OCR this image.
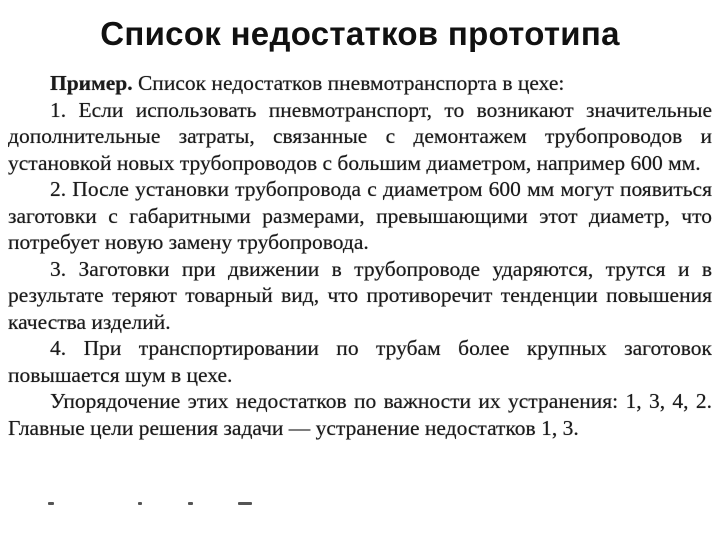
Список недостатков прототипа

Пример. Список недостатков пневмотранспорта в цехе:

1. Если использовать пневмотранспорт, то возникают значительные дополнительные затраты, связанные с демонтажем трубопроводов и установкой новых трубопроводов с большим диаметром, например 600 мм.

2. После установки трубопровода с диаметром 600 мм могут появиться заготовки с габаритными размерами, превышающими этот диаметр, что потребует новую замену трубопровода.

3. Заготовки при движении в трубопроводе ударяются, трутся и в результате теряют товарный вид, что противоречит тенденции повышения качества изделий.

4. При транспортировании по трубам более крупных заготовок повышается шум в цехе.

Упорядочение этих недостатков по важности их устранения: 1, 3, 4, 2. Главные цели решения задачи — устранение недостатков 1, 3.
